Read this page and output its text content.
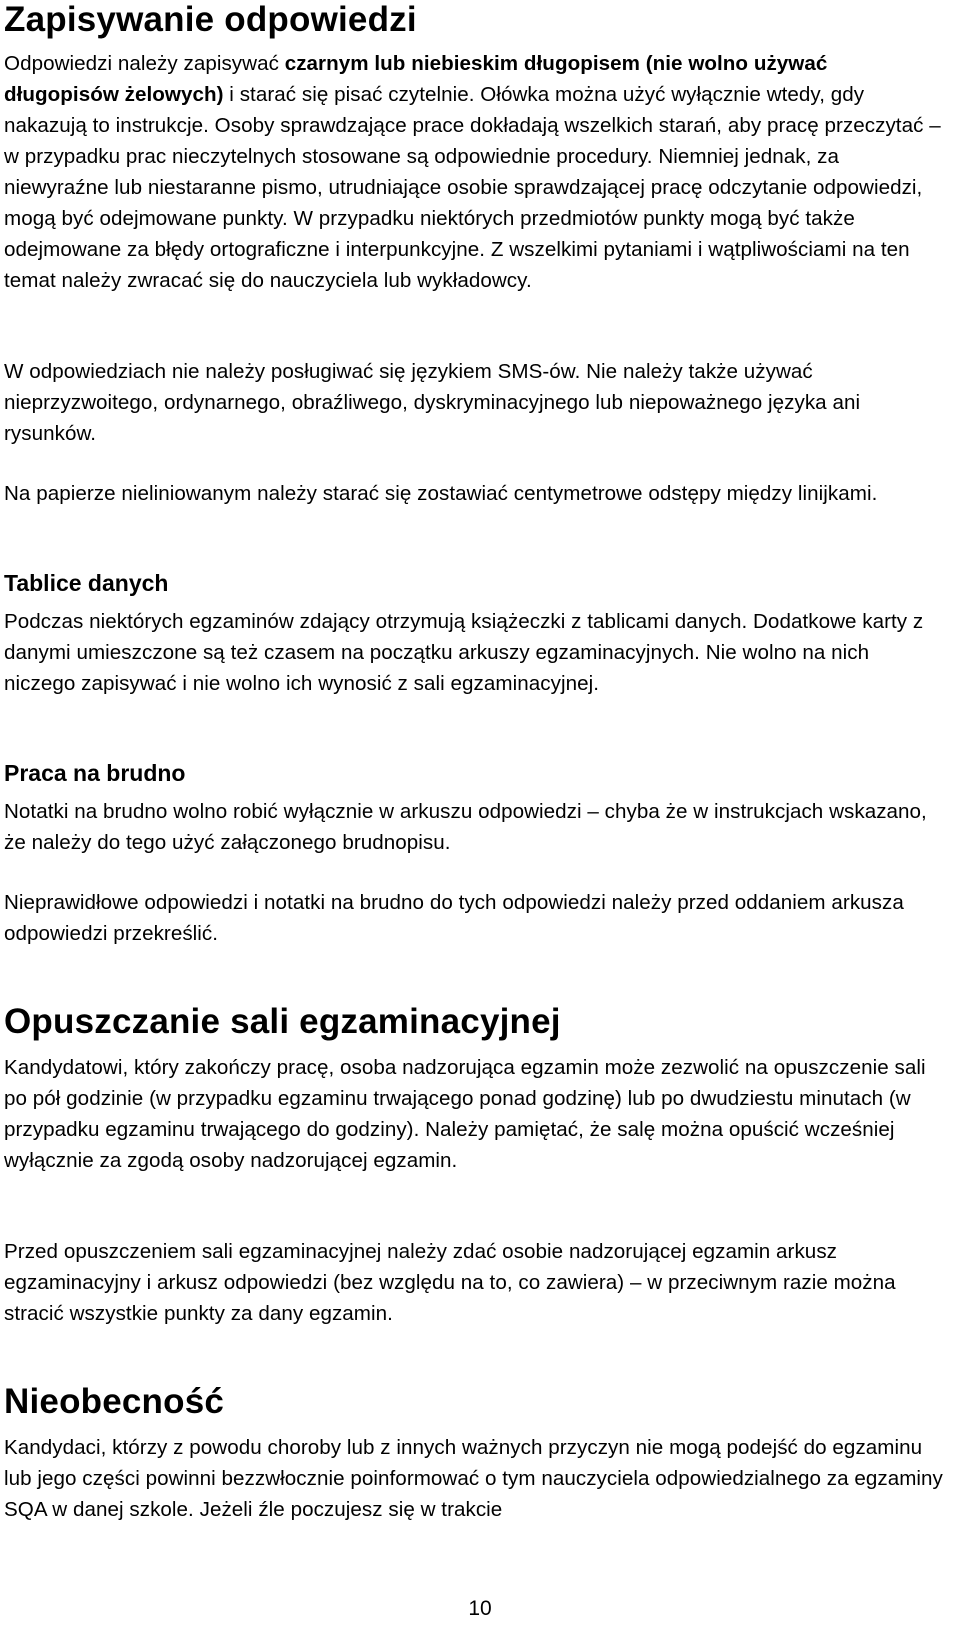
Zapisywanie odpowiedzi

Odpowiedzi należy zapisywać czarnym lub niebieskim długopisem (nie wolno używać długopisów żelowych) i starać się pisać czytelnie. Ołówka można użyć wyłącznie wtedy, gdy nakazują to instrukcje. Osoby sprawdzające prace dokładają wszelkich starań, aby pracę przeczytać – w przypadku prac nieczytelnych stosowane są odpowiednie procedury. Niemniej jednak, za niewyraźne lub niestaranne pismo, utrudniające osobie sprawdzającej pracę odczytanie odpowiedzi, mogą być odejmowane punkty. W przypadku niektórych przedmiotów punkty mogą być także odejmowane za błędy ortograficzne i interpunkcyjne. Z wszelkimi pytaniami i wątpliwościami na ten temat należy zwracać się do nauczyciela lub wykładowcy.

W odpowiedziach nie należy posługiwać się językiem SMS-ów. Nie należy także używać nieprzyzwoitego, ordynarnego, obraźliwego, dyskryminacyjnego lub niepoważnego języka ani rysunków.

Na papierze nieliniowanym należy starać się zostawiać centymetrowe odstępy między linijkami.

Tablice danych

Podczas niektórych egzaminów zdający otrzymują książeczki z tablicami danych. Dodatkowe karty z danymi umieszczone są też czasem na początku arkuszy egzaminacyjnych. Nie wolno na nich niczego zapisywać i nie wolno ich wynosić z sali egzaminacyjnej.

Praca na brudno

Notatki na brudno wolno robić wyłącznie w arkuszu odpowiedzi – chyba że w instrukcjach wskazano, że należy do tego użyć załączonego brudnopisu.

Nieprawidłowe odpowiedzi i notatki na brudno do tych odpowiedzi należy przed oddaniem arkusza odpowiedzi przekreślić.

Opuszczanie sali egzaminacyjnej

Kandydatowi, który zakończy pracę, osoba nadzorująca egzamin może zezwolić na opuszczenie sali po pół godzinie (w przypadku egzaminu trwającego ponad godzinę) lub po dwudziestu minutach (w przypadku egzaminu trwającego do godziny). Należy pamiętać, że salę można opuścić wcześniej wyłącznie za zgodą osoby nadzorującej egzamin.

Przed opuszczeniem sali egzaminacyjnej należy zdać osobie nadzorującej egzamin arkusz egzaminacyjny i arkusz odpowiedzi (bez względu na to, co zawiera) – w przeciwnym razie można stracić wszystkie punkty za dany egzamin.

Nieobecność

Kandydaci, którzy z powodu choroby lub z innych ważnych przyczyn nie mogą podejść do egzaminu lub jego części powinni bezzwłocznie poinformować o tym nauczyciela odpowiedzialnego za egzaminy SQA w danej szkole. Jeżeli źle poczujesz się w trakcie

10
